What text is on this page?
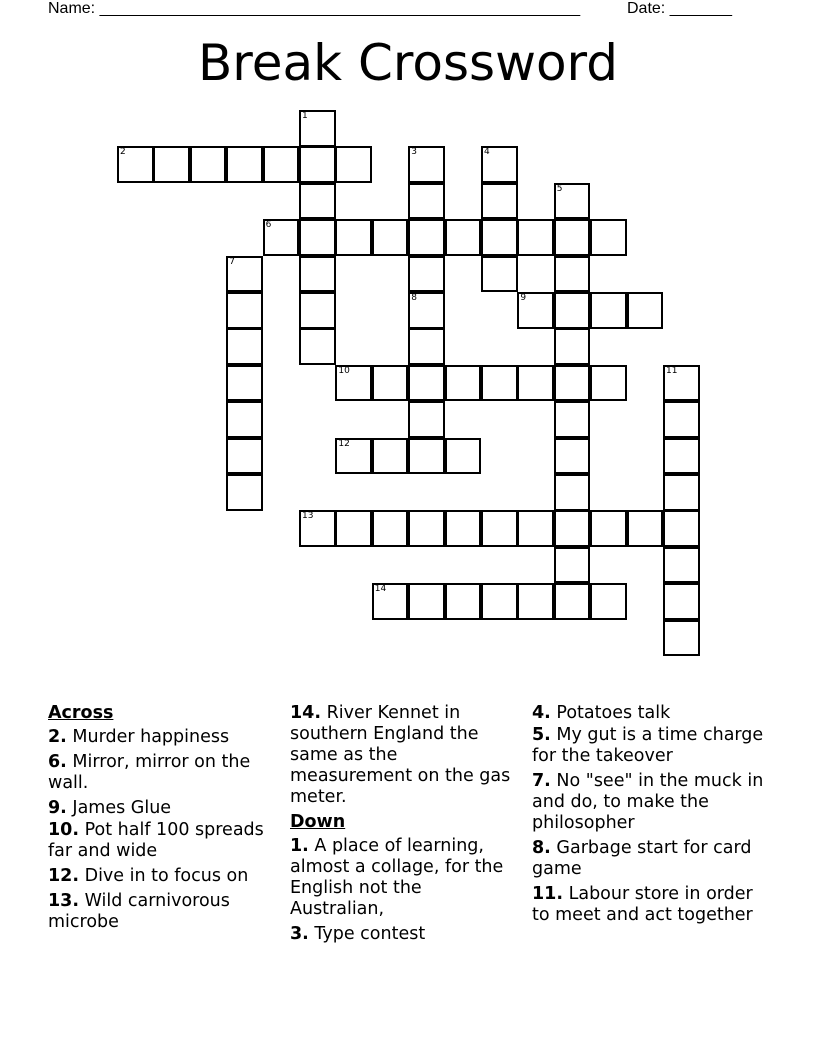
Name: ______________________________________________________	Date: _______
Break Crossword
1
2	3	4
5
6
7
8	9
10	11
12
13
14
Across
2. Murder happiness
6. Mirror, mirror on the wall.
9. James Glue
10. Pot half 100 spreads far and wide
12. Dive in to focus on
13. Wild carnivorous microbe
14. River Kennet in southern England the same as the measurement on the gas meter.
Down
1. A place of learning, almost a collage, for the English not the Australian,
3. Type contest
4. Potatoes talk
5. My gut is a time charge for the takeover
7. No "see" in the muck in and do, to make the philosopher
8. Garbage start for card game
11. Labour store in order to meet and act together
